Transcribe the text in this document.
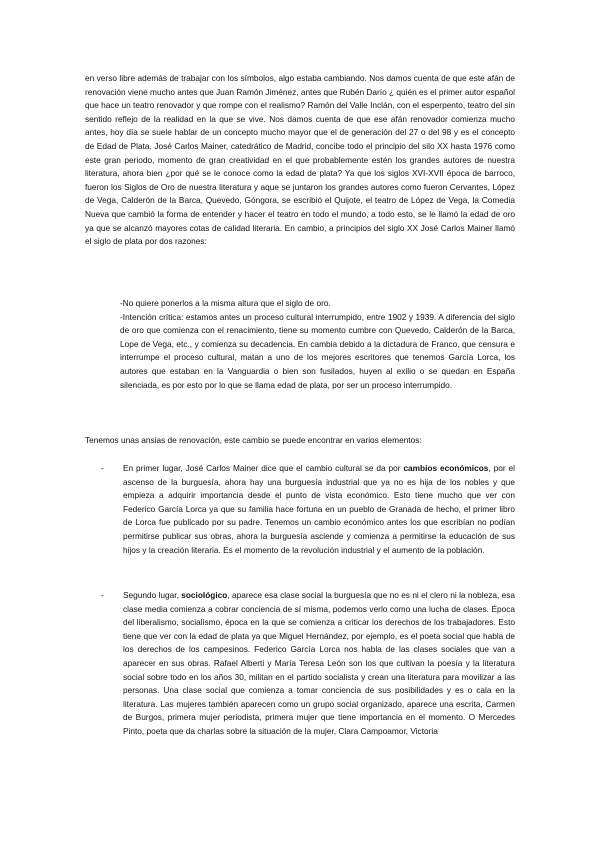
en verso libre además de trabajar con los símbolos, algo estaba cambiando. Nos damos cuenta de que este afán de renovación viene mucho antes que Juan Ramón Jiménez, antes que Rubén Darío ¿ quién es el primer autor español que hace un teatro renovador y que rompe con el realismo? Ramón del Valle Inclán, con el esperpento, teatro del sin sentido reflejo de la realidad en la que se vive. Nos damos cuenta de que ese afán renovador comienza mucho antes, hoy día se suele hablar de un concepto mucho mayor que el de generación del 27 o del 98 y es el concepto de Edad de Plata. José Carlos Mainer, catedrático de Madrid, concibe todo el principio del silo XX hasta 1976 como este gran periodo, momento de gran creatividad en el que probablemente estén los grandes autores de nuestra literatura, ahora bien ¿por qué se le conoce como la edad de plata? Ya que los siglos XVI-XVII época de barroco, fueron los Siglos de Oro de nuestra literatura y aque se juntaron los grandes autores como fueron Cervantes, López de Vega, Calderón de la Barca, Quevedo, Góngora, se escribió el Quijote, el teatro de López de Vega, la Comedia Nueva que cambió la forma de entender y hacer el teatro en todo el mundo, a todo esto, se le llamó la edad de oro ya que se alcanzó mayores cotas de calidad literaria. En cambio, a principios del siglo XX José Carlos Mainer llamó el siglo de plata por dos razones:

-No quiere ponerlos a la misma altura que el siglo de oro.

-Intención crítica: estamos antes un proceso cultural interrumpido, entre 1902 y 1939. A diferencia del siglo de oro que comienza con el renacimiento, tiene su momento cumbre con Quevedo, Calderón de la Barca, Lope de Vega, etc., y comienza su decadencia. En cambia debido a la dictadura de Franco, que censura e interrumpe el proceso cultural, matan a uno de los mejores escritores que tenemos García Lorca, los autores que estaban en la Vanguardia o bien son fusilados, huyen al exilio o se quedan en España silenciada, es por esto por lo que se llama edad de plata, por ser un proceso interrumpido.

Tenemos unas ansias de renovación, este cambio se puede encontrar en varios elementos:

- En primer lugar, José Carlos Mainer dice que el cambio cultural se da por cambios económicos, por el ascenso de la burguesía, ahora hay una burguesía industrial que ya no es hija de los nobles y que empieza a adquirir importancia desde el punto de vista económico. Esto tiene mucho que ver con Federico García Lorca ya que su familia hace fortuna en un pueblo de Granada de hecho, el primer libro de Lorca fue publicado por su padre. Tenemos un cambio económico antes los que escribían no podían permitirse publicar sus obras, ahora la burguesía asciende y comienza a permitirse la educación de sus hijos y la creación literaria. Es el momento de la revolución industrial y el aumento de la población.

- Segundo lugar, sociológico, aparece esa clase social la burguesía que no es ni el clero ni la nobleza, esa clase media comienza a cobrar conciencia de sí misma, podemos verlo como una lucha de clases. Época del liberalismo, socialismo, época en la que se comienza a criticar los derechos de los trabajadores. Esto tiene que ver con la edad de plata ya que Miguel Hernández, por ejemplo, es el poeta social que habla de los derechos de los campesinos. Federico García Lorca nos habla de las clases sociales que van a aparecer en sus obras. Rafael Alberti y María Teresa León son los que cultivan la poesía y la literatura social sobre todo en los años 30, militan en el partido socialista y crean una literatura para movilizar a las personas. Una clase social que comienza a tomar conciencia de sus posibilidades y es o cala en la literatura. Las mujeres también aparecen como un grupo social organizado, aparece una escrita, Carmen de Burgos, primera mujer periodista, primera mujer que tiene importancia en el momento. O Mercedes Pinto, poeta que da charlas sobre la situación de la mujer, Clara Campoamor, Victoria
